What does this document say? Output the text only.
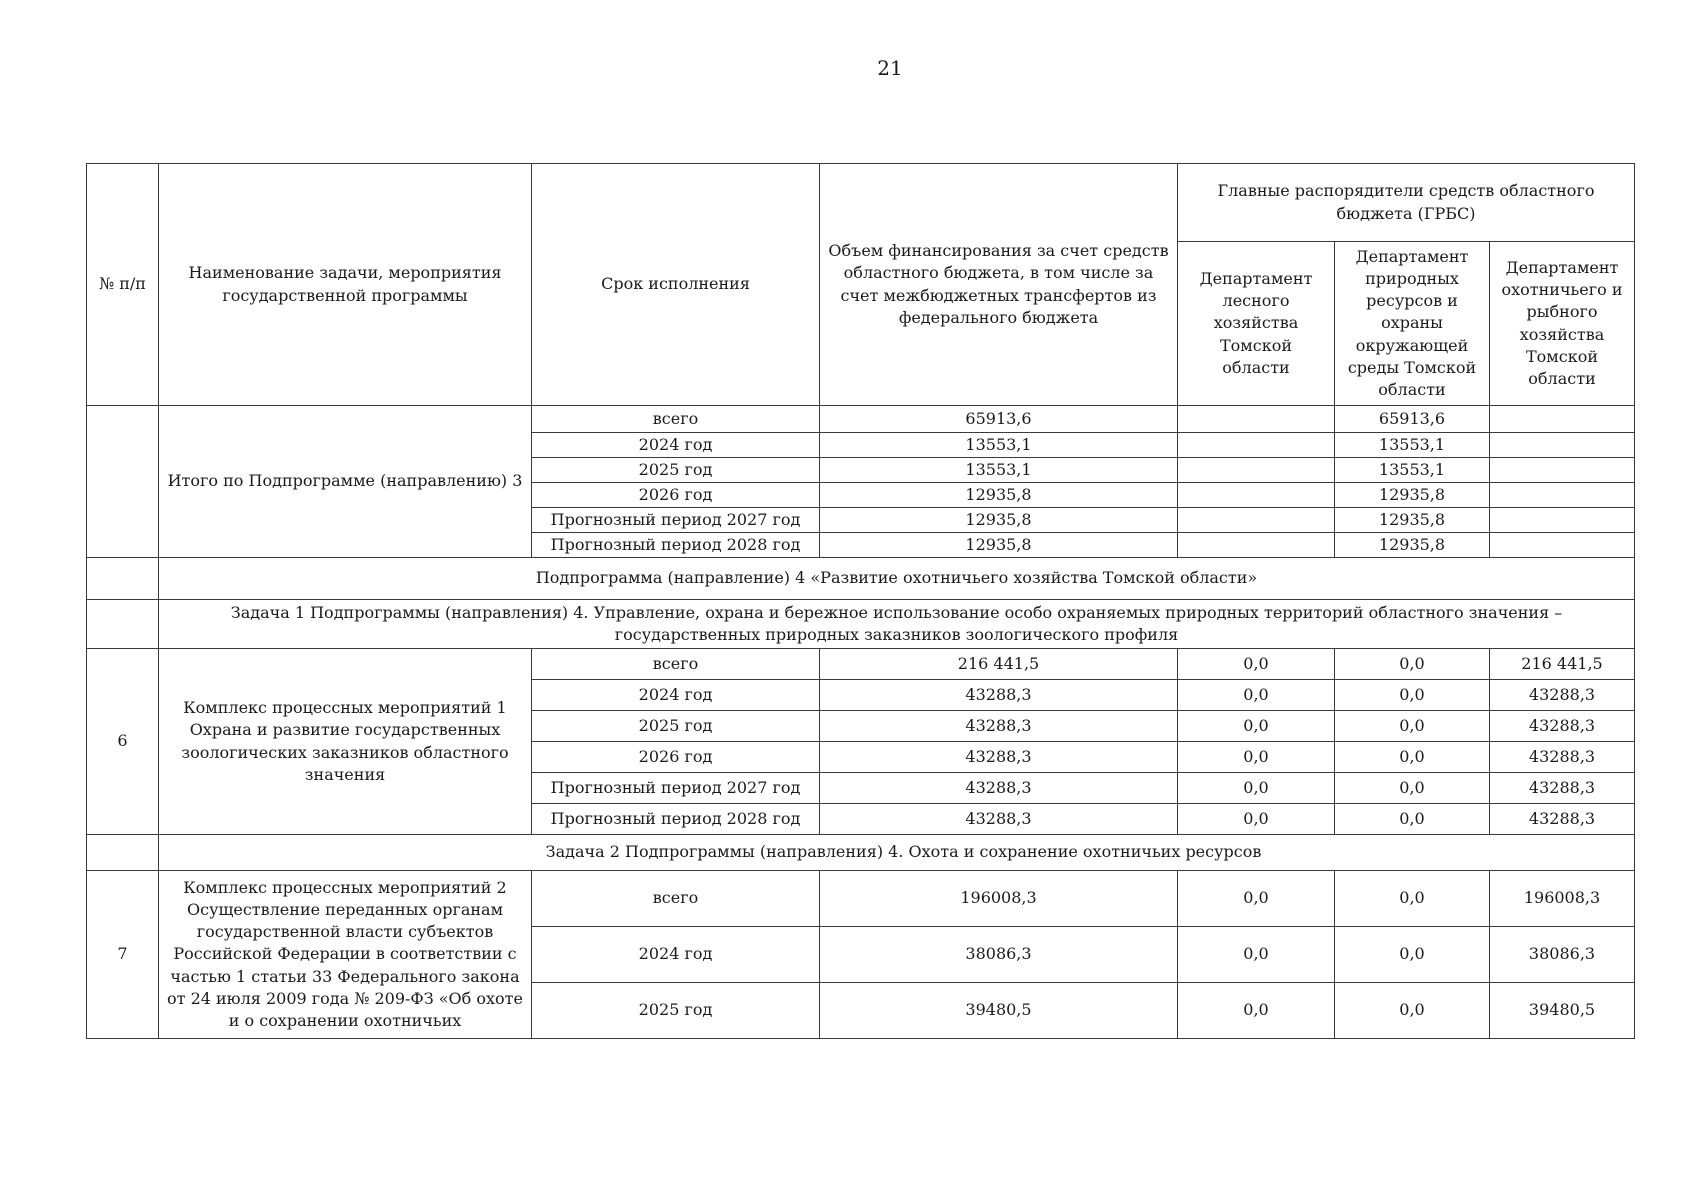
21
№ п/п	Наименование задачи, мероприятия государственной программы	Срок исполнения	Объем финансирования за счет средств областного бюджета, в том числе за счет межбюджетных трансфертов из федерального бюджета	Главные распорядители средств областного бюджета (ГРБС)		
				Департамент лесного хозяйства Томской области	Департамент природных ресурсов и охраны окружающей среды Томской области	Департамент охотничьего и рыбного хозяйства Томской области
	Итого по Подпрограмме (направлению) 3	всего	65913,6		65913,6	
		2024 год	13553,1		13553,1	
		2025 год	13553,1		13553,1	
		2026 год	12935,8		12935,8	
		Прогнозный период 2027 год	12935,8		12935,8	
		Прогнозный период 2028 год	12935,8		12935,8	
	Подпрограмма (направление) 4 «Развитие охотничьего хозяйства Томской области»					
	Задача 1 Подпрограммы (направления) 4. Управление, охрана и бережное использование особо охраняемых природных территорий областного значения – государственных природных заказников зоологического профиля					
6	Комплекс процессных мероприятий 1 Охрана и развитие государственных зоологических заказников областного значения	всего	216 441,5	0,0	0,0	216 441,5
		2024 год	43288,3	0,0	0,0	43288,3
		2025 год	43288,3	0,0	0,0	43288,3
		2026 год	43288,3	0,0	0,0	43288,3
		Прогнозный период 2027 год	43288,3	0,0	0,0	43288,3
		Прогнозный период 2028 год	43288,3	0,0	0,0	43288,3
	Задача 2 Подпрограммы (направления) 4. Охота и сохранение охотничьих ресурсов					
7	Комплекс процессных мероприятий 2 Осуществление переданных органам государственной власти субъектов Российской Федерации в соответствии с частью 1 статьи 33 Федерального закона от 24 июля 2009 года № 209-ФЗ «Об охоте и о сохранении охотничьих	всего	196008,3	0,0	0,0	196008,3
		2024 год	38086,3	0,0	0,0	38086,3
		2025 год	39480,5	0,0	0,0	39480,5
